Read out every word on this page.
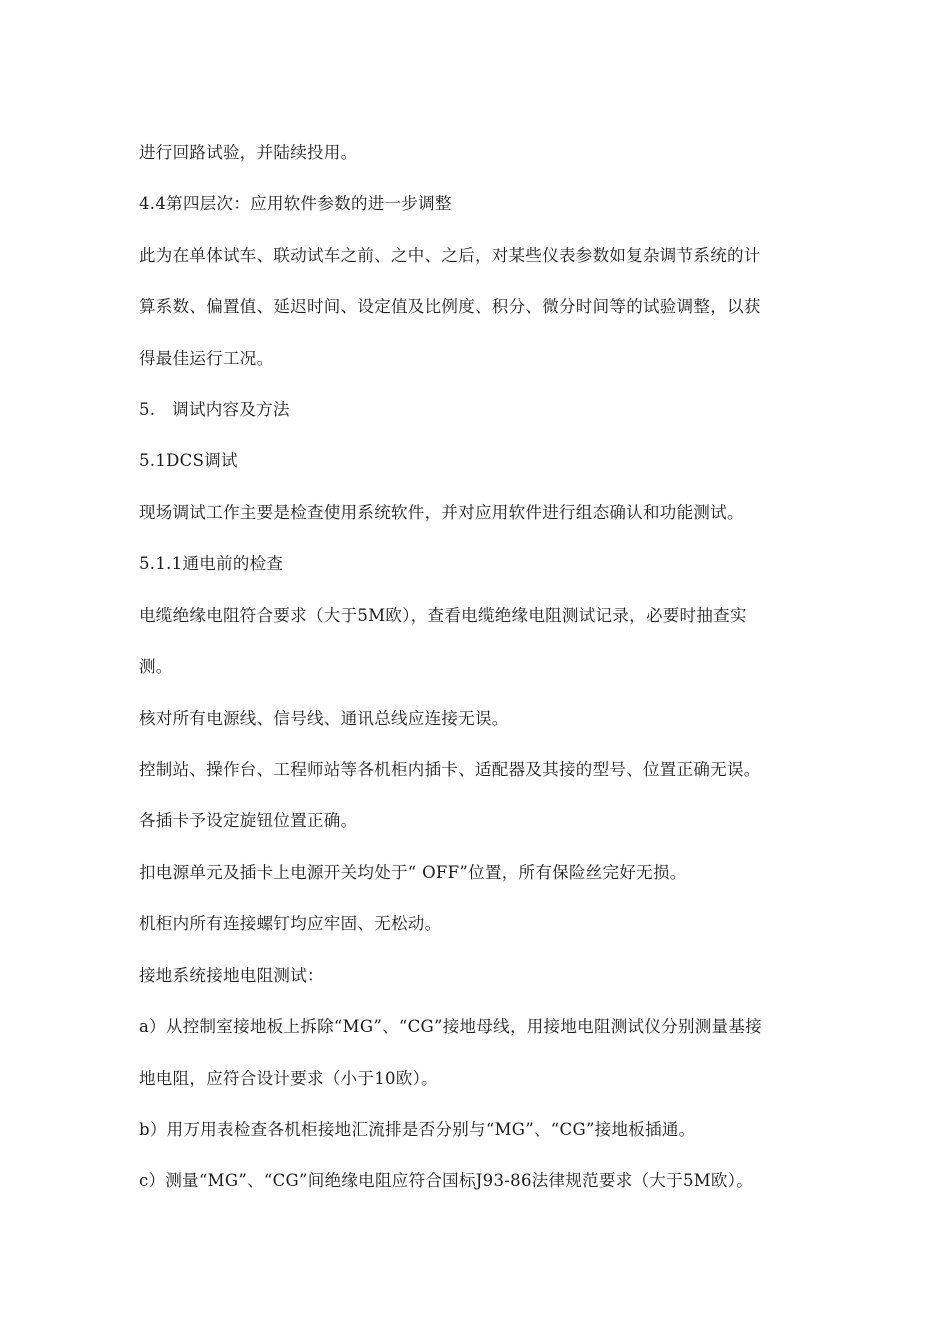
进行回路试验，并陆续投用。
4.4第四层次：应用软件参数的进一步调整
此为在单体试车、联动试车之前、之中、之后，对某些仪表参数如复杂调节系统的计
算系数、偏置值、延迟时间、设定值及比例度、积分、微分时间等的试验调整，以获
得最佳运行工况。
5.　调试内容及方法
5.1DCS调试
现场调试工作主要是检查使用系统软件，并对应用软件进行组态确认和功能测试。
5.1.1通电前的检查
电缆绝缘电阻符合要求（大于5M欧），查看电缆绝缘电阻测试记录，必要时抽查实
测。
核对所有电源线、信号线、通讯总线应连接无误。
控制站、操作台、工程师站等各机柜内插卡、适配器及其接的型号、位置正确无误。
各插卡予设定旋钮位置正确。
扣电源单元及插卡上电源开关均处于“ OFF”位置，所有保险丝完好无损。
机柜内所有连接螺钉均应牢固、无松动。
接地系统接地电阻测试：
a）从控制室接地板上拆除“MG”、“CG”接地母线，用接地电阻测试仪分别测量基接
地电阻，应符合设计要求（小于10欧）。
b）用万用表检查各机柜接地汇流排是否分别与“MG”、“CG”接地板插通。
c）测量“MG”、“CG”间绝缘电阻应符合国标J93-86法律规范要求（大于5M欧）。
